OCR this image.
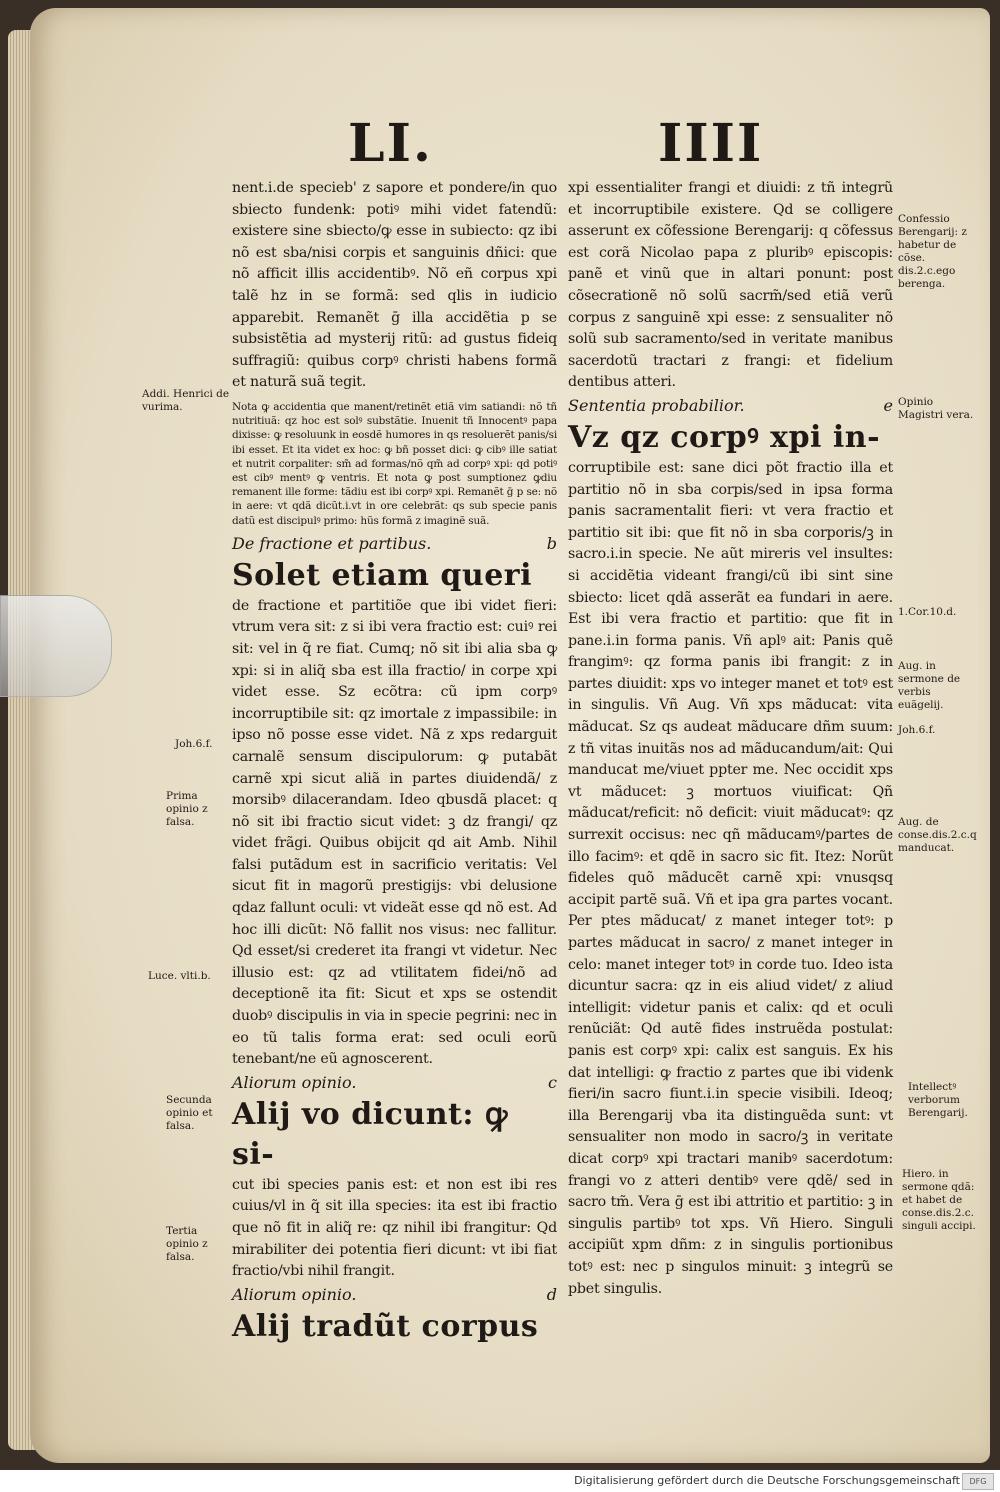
LI.	IIII

nent.i.de specieb' z sapore et pondere/in quo sbiecto fundenk: potiꝰ mihi videt fatendũ: existere sine sbiecto/ꝙ esse in subiecto: qz ibi nõ est sba/nisi corpis et sanguinis dñici: que nõ afficit illis accidentibꝰ. Nõ eñ corpus xpi talẽ hz in se formã: sed qlis in iudicio apparebit. Remanẽt ḡ illa accidẽtia p se subsistẽtia ad mysterij ritũ: ad gustus fideiq suffragiũ: quibus corpꝰ christi habens formã et naturã suã tegit.

Nota ꝙ accidentia que manent/retinẽt etiã vim satiandi: nõ tñ nutritiuã: qz hoc est solꝰ substãtie. Inuenit tñ Innocentꝰ papa dixisse: ꝙ resoluunk in eosdẽ humores in qs resoluerẽt panis/si ibi esset. Et ita videt ex hoc: ꝙ bñ posset dici: ꝙ cibꝰ ille satiat et nutrit corpaliter: sm̃ ad formas/nõ qm̃ ad corpꝰ xpi: qd potiꝰ est cibꝰ mentꝰ ꝙ ventris. Et nota ꝙ post sumptionez ꝙdiu remanent ille forme: tãdiu est ibi corpꝰ xpi. Remanẽt ḡ p se: nõ in aere: vt qdã dicũt.i.vt in ore celebrãt: qs sub specie panis datũ est discipulꝰ primo: hũs formã z imaginẽ suã.

De fractione et partibus.	b
Solet etiam queri

de fractione et partitiõe que ibi videt fieri: vtrum vera sit: z si ibi vera fractio est: cuiꝰ rei sit: vel in q̃ re fiat. Cumq; nõ sit ibi alia sba ꝙ xpi: si in aliq̃ sba est illa fractio/ in corpe xpi videt esse. Sz ecõtra: cũ ipm corpꝰ incorruptibile sit: qz imortale z impassibile: in ipso nõ posse esse videt. Nã z xps redarguit carnalẽ sensum discipulorum: ꝙ putabãt carnẽ xpi sicut aliã in partes diuidendã/ z morsibꝰ dilacerandam. Ideo qbusdã placet: q nõ sit ibi fractio sicut videt: ꝫ dz frangi/ qz videt frãgi. Quibus obijcit qd ait Amb. Nihil falsi putãdum est in sacrificio veritatis: Vel sicut fit in magorũ prestigijs: vbi delusione qdaz fallunt oculi: vt videãt esse qd nõ est. Ad hoc illi dicũt: Nõ fallit nos visus: nec fallitur. Qd esset/si crederet ita frangi vt videtur. Nec illusio est: qz ad vtilitatem fidei/nõ ad deceptionẽ ita fit: Sicut et xps se ostendit duobꝰ discipulis in via in specie pegrini: nec in eo tũ talis forma erat: sed oculi eorũ tenebant/ne eũ agnoscerent.

Aliorum opinio.	c
Alij vo dicunt: ꝙ si-

cut ibi species panis est: et non est ibi res cuius/vl in q̃ sit illa species: ita est ibi fractio que nõ fit in aliq̃ re: qz nihil ibi frangitur: Qd mirabiliter dei potentia fieri dicunt: vt ibi fiat fractio/vbi nihil frangit.

Aliorum opinio.	d
Alij tradũt corpus

xpi essentialiter frangi et diuidi: z tñ integrũ et incorruptibile existere. Qd se colligere asserunt ex cõfessione Berengarij: q cõfessus est corã Nicolao papa z pluribꝰ episcopis: panẽ et vinũ que in altari ponunt: post cõsecrationẽ nõ solũ sacrm̃/sed etiã verũ corpus z sanguinẽ xpi esse: z sensualiter nõ solũ sub sacramento/sed in veritate manibus sacerdotũ tractari z frangi: et fidelium dentibus atteri.

Sententia probabilior.	e
Vz qz corpꝰ xpi in-

corruptibile est: sane dici põt fractio illa et partitio nõ in sba corpis/sed in ipsa forma panis sacramentalit fieri: vt vera fractio et partitio sit ibi: que fit nõ in sba corporis/ꝫ in sacro.i.in specie. Ne aũt mireris vel insultes: si accidẽtia videant frangi/cũ ibi sint sine sbiecto: licet qdã asserãt ea fundari in aere. Est ibi vera fractio et partitio: que fit in pane.i.in forma panis. Vñ aplꝰ ait: Panis quẽ frangimꝰ: qz forma panis ibi frangit: z in partes diuidit: xps vo integer manet et totꝰ est in singulis. Vñ Aug. Vñ xps mãducat: vita mãducat. Sz qs audeat mãducare dñm suum: z tñ vitas inuitãs nos ad mãducandum/ait: Qui manducat me/viuet ppter me. Nec occidit xps vt mãducet: ꝫ mortuos viuificat: Qñ mãducat/reficit: nõ deficit: viuit mãducatꝰ: qz surrexit occisus: nec qñ mãducamꝰ/partes de illo facimꝰ: et qdẽ in sacro sic fit. Itez: Norũt fideles quõ mãducẽt carnẽ xpi: vnusqsq accipit partẽ suã. Vñ et ipa gra partes vocant. Per ptes mãducat/ z manet integer totꝰ: p partes mãducat in sacro/ z manet integer in celo: manet integer totꝰ in corde tuo. Ideo ista dicuntur sacra: qz in eis aliud videt/ z aliud intelligit: videtur panis et calix: qd et oculi renũciãt: Qd autẽ fides instruẽda postulat: panis est corpꝰ xpi: calix est sanguis. Ex his dat intelligi: ꝙ fractio z partes que ibi videnk fieri/in sacro fiunt.i.in specie visibili. Ideoq; illa Berengarij vba ita distinguẽda sunt: vt sensualiter non modo in sacro/ꝫ in veritate dicat corpꝰ xpi tractari manibꝰ sacerdotum: frangi vo z atteri dentibꝰ vere qdẽ/ sed in sacro tm̃. Vera ḡ est ibi attritio et partitio: ꝫ in singulis partibꝰ tot xps. Vñ Hiero. Singuli accipiũt xpm dñm: z in singulis portionibus totꝰ est: nec p singulos minuit: ꝫ integrũ se pbet singulis.

Addi. Henrici de vurima.
Joh.6.f.
Prima opinio z falsa.
Luce. vlti.b.
Secunda opinio et falsa.
Tertia opinio z falsa.
Confessio Berengarij: z habetur de cõse. dis.2.c.ego berenga.
Opinio Magistri vera.
1.Cor.10.d.
Aug. in sermone de verbis euãgelij.
Joh.6.f.
Aug. de conse.dis.2.c.q manducat.
Intellectꝰ verborum Berengarij.
Hiero. in sermone qdã: et habet de conse.dis.2.c. singuli accipi.
Digitalisierung gefördert durch die Deutsche Forschungsgemeinschaft	DFG
